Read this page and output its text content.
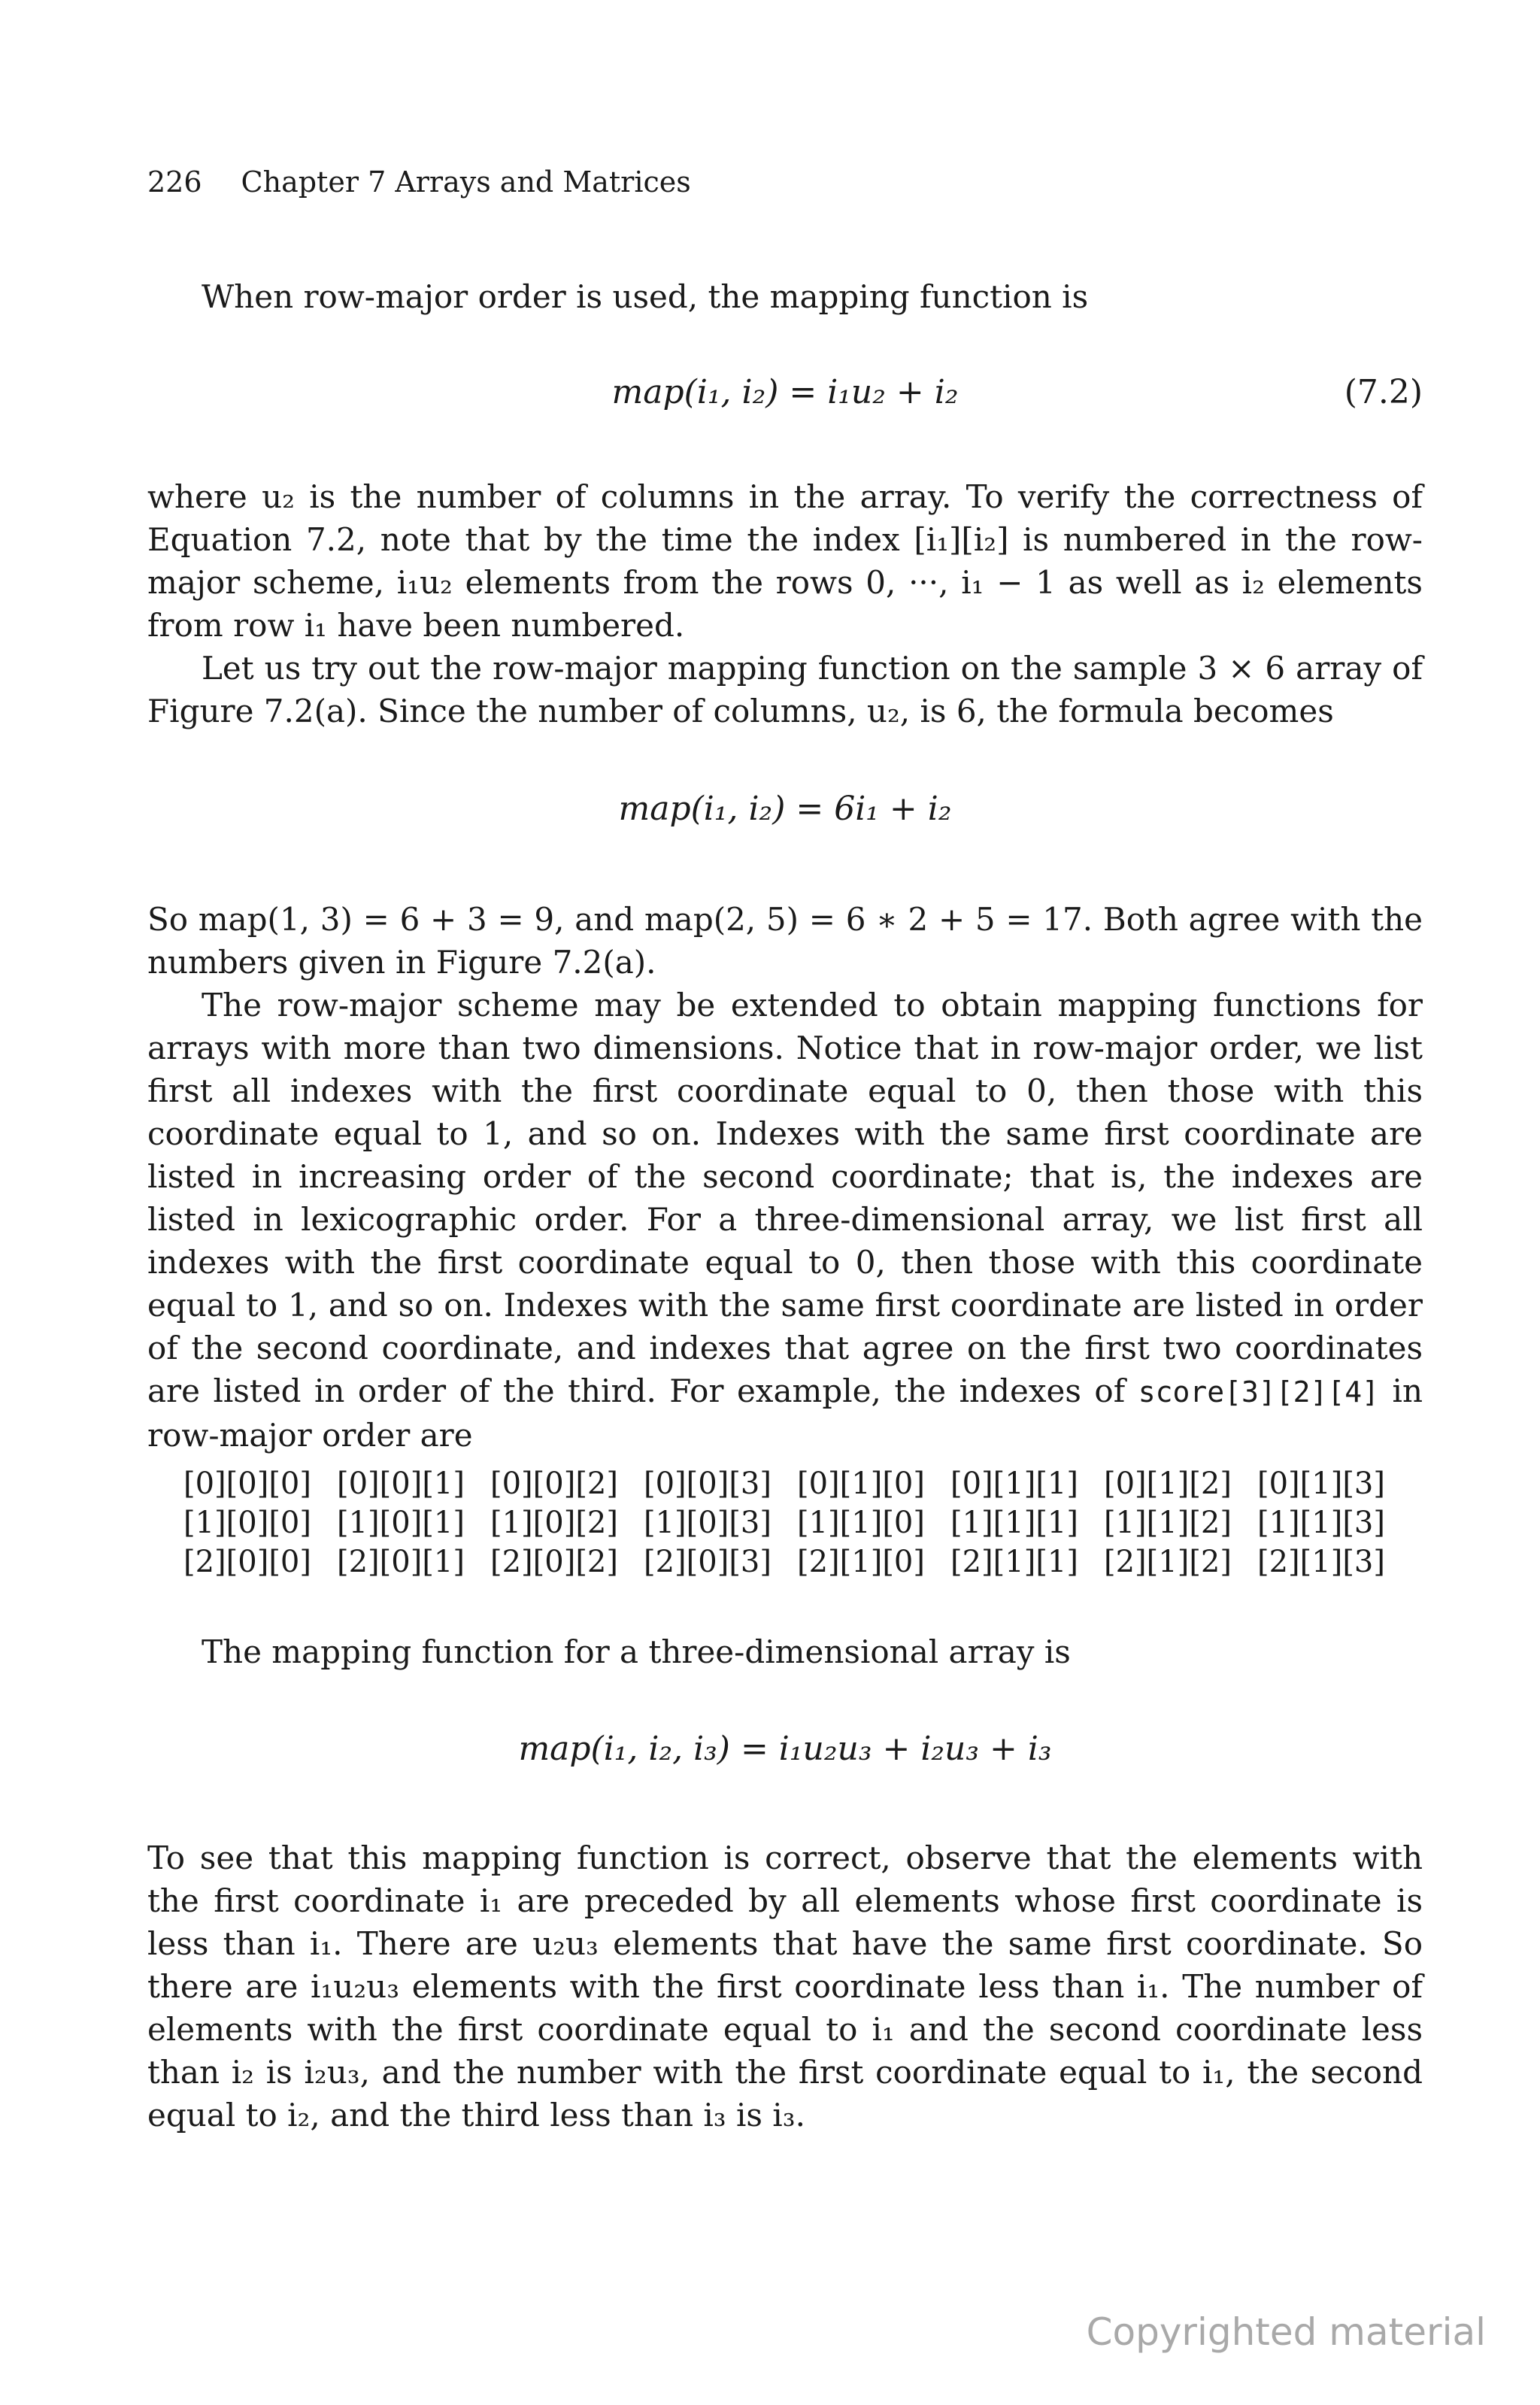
226 Chapter 7 Arrays and Matrices

When row-major order is used, the mapping function is

map(i₁, i₂) = i₁u₂ + i₂	(7.2)

where u₂ is the number of columns in the array. To verify the correctness of Equation 7.2, note that by the time the index [i₁][i₂] is numbered in the row-major scheme, i₁u₂ elements from the rows 0, ···, i₁ − 1 as well as i₂ elements from row i₁ have been numbered.

Let us try out the row-major mapping function on the sample 3 × 6 array of Figure 7.2(a). Since the number of columns, u₂, is 6, the formula becomes

map(i₁, i₂) = 6i₁ + i₂

So map(1, 3) = 6 + 3 = 9, and map(2, 5) = 6 ∗ 2 + 5 = 17. Both agree with the numbers given in Figure 7.2(a).

The row-major scheme may be extended to obtain mapping functions for arrays with more than two dimensions. Notice that in row-major order, we list first all indexes with the first coordinate equal to 0, then those with this coordinate equal to 1, and so on. Indexes with the same first coordinate are listed in increasing order of the second coordinate; that is, the indexes are listed in lexicographic order. For a three-dimensional array, we list first all indexes with the first coordinate equal to 0, then those with this coordinate equal to 1, and so on. Indexes with the same first coordinate are listed in order of the second coordinate, and indexes that agree on the first two coordinates are listed in order of the third. For example, the indexes of score[3][2][4] in row-major order are

[0][0][0] [0][0][1] [0][0][2] [0][0][3] [0][1][0] [0][1][1] [0][1][2] [0][1][3]
[1][0][0] [1][0][1] [1][0][2] [1][0][3] [1][1][0] [1][1][1] [1][1][2] [1][1][3]
[2][0][0] [2][0][1] [2][0][2] [2][0][3] [2][1][0] [2][1][1] [2][1][2] [2][1][3]

The mapping function for a three-dimensional array is

map(i₁, i₂, i₃) = i₁u₂u₃ + i₂u₃ + i₃

To see that this mapping function is correct, observe that the elements with the first coordinate i₁ are preceded by all elements whose first coordinate is less than i₁. There are u₂u₃ elements that have the same first coordinate. So there are i₁u₂u₃ elements with the first coordinate less than i₁. The number of elements with the first coordinate equal to i₁ and the second coordinate less than i₂ is i₂u₃, and the number with the first coordinate equal to i₁, the second equal to i₂, and the third less than i₃ is i₃.

Copyrighted material
